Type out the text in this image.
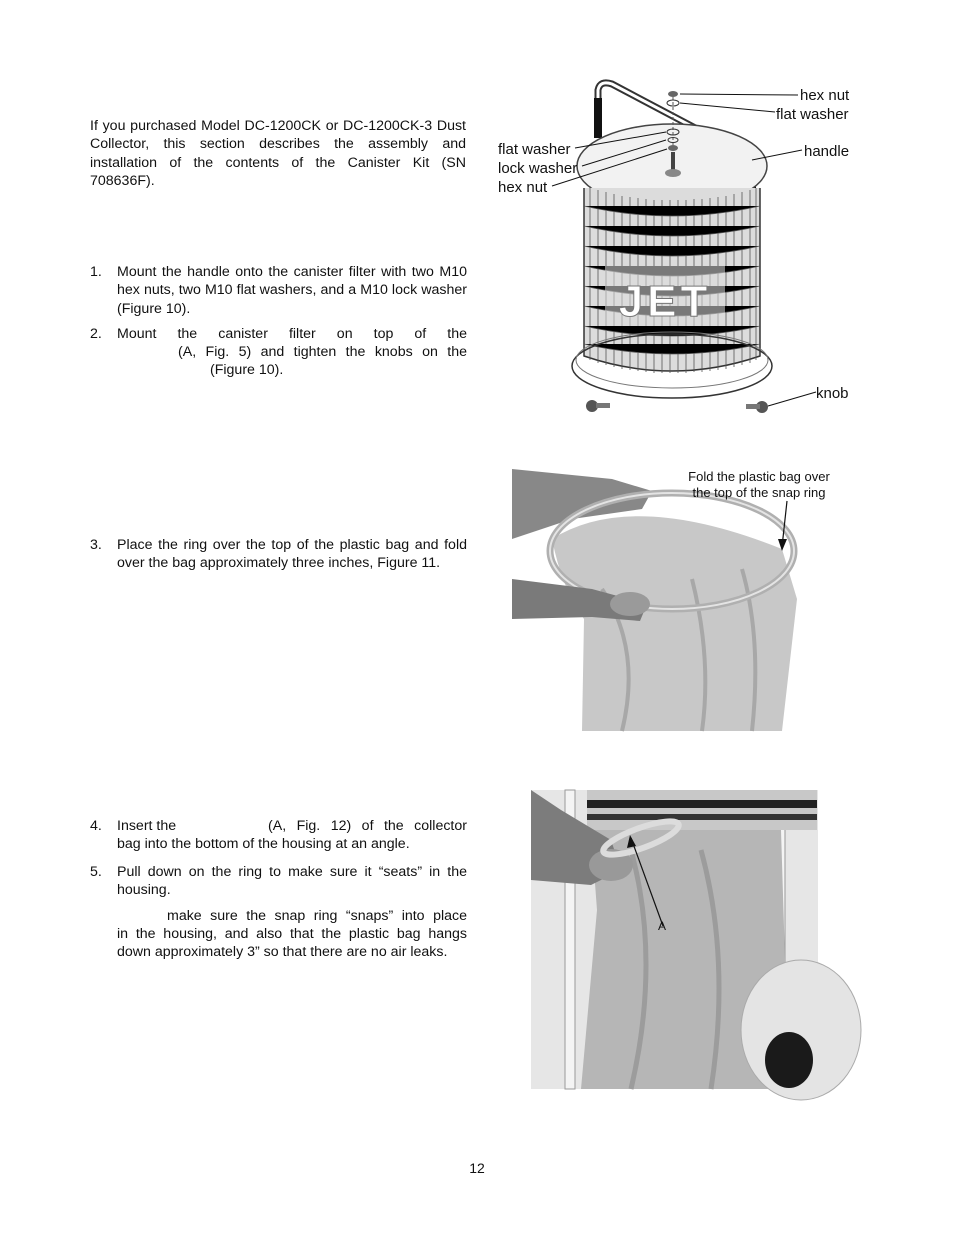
If you purchased Model DC-1200CK or DC-1200CK-3 Dust Collector, this section describes the assembly and installation of the contents of the Canister Kit (SN 708636F).
1.	Mount the handle onto the canister filter with two M10 hex nuts, two M10 flat washers, and a M10 lock washer (Figure 10).
2.	Mount the canister filter on top of the
(A, Fig. 5) and tighten the knobs on the
(Figure 10).
3.	Place the ring over the top of the plastic bag and fold over the bag approximately three inches, Figure 11.
4.	Insert the	(A, Fig. 12) of the collector
bag into the bottom of the housing at an angle.
5.	Pull down on the ring to make sure it “seats” in the housing.
make sure the snap ring “snaps” into place
in the housing, and also that the plastic bag hangs down approximately 3” so that there are no air leaks.
JET
hex nut
flat washer
flat washer
lock washer
hex nut
handle
knob
Fold the plastic bag over
the top of the snap ring
A
12
